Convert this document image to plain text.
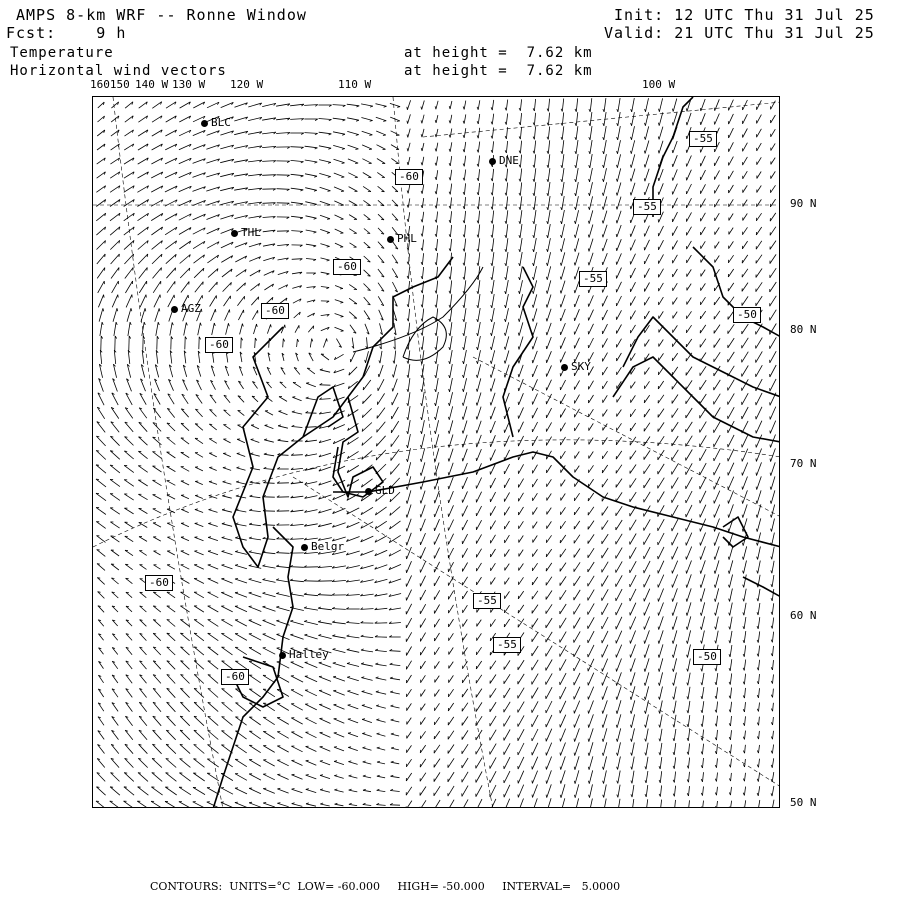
AMPS 8-km WRF -- Ronne Window	Init: 12 UTC Thu 31 Jul 25
Fcst:    9 h	Valid: 21 UTC Thu 31 Jul 25
Temperature
Horizontal wind vectors
at height =  7.62 km
at height =  7.62 km
160150 140 W 130 W 120 W	110 W	100 W
90 N
80 N
70 N
60 N
50 N
-60
-60
-60
-60
-55
-55
-55
-50
-60
-55
-55
-50
-60
BLC
DNE
THL	PHL
AGZ
SKY
GLD
Belgr
Halley
CONTOURS:  UNITS=°C  LOW= -60.000     HIGH= -50.000     INTERVAL=   5.0000
